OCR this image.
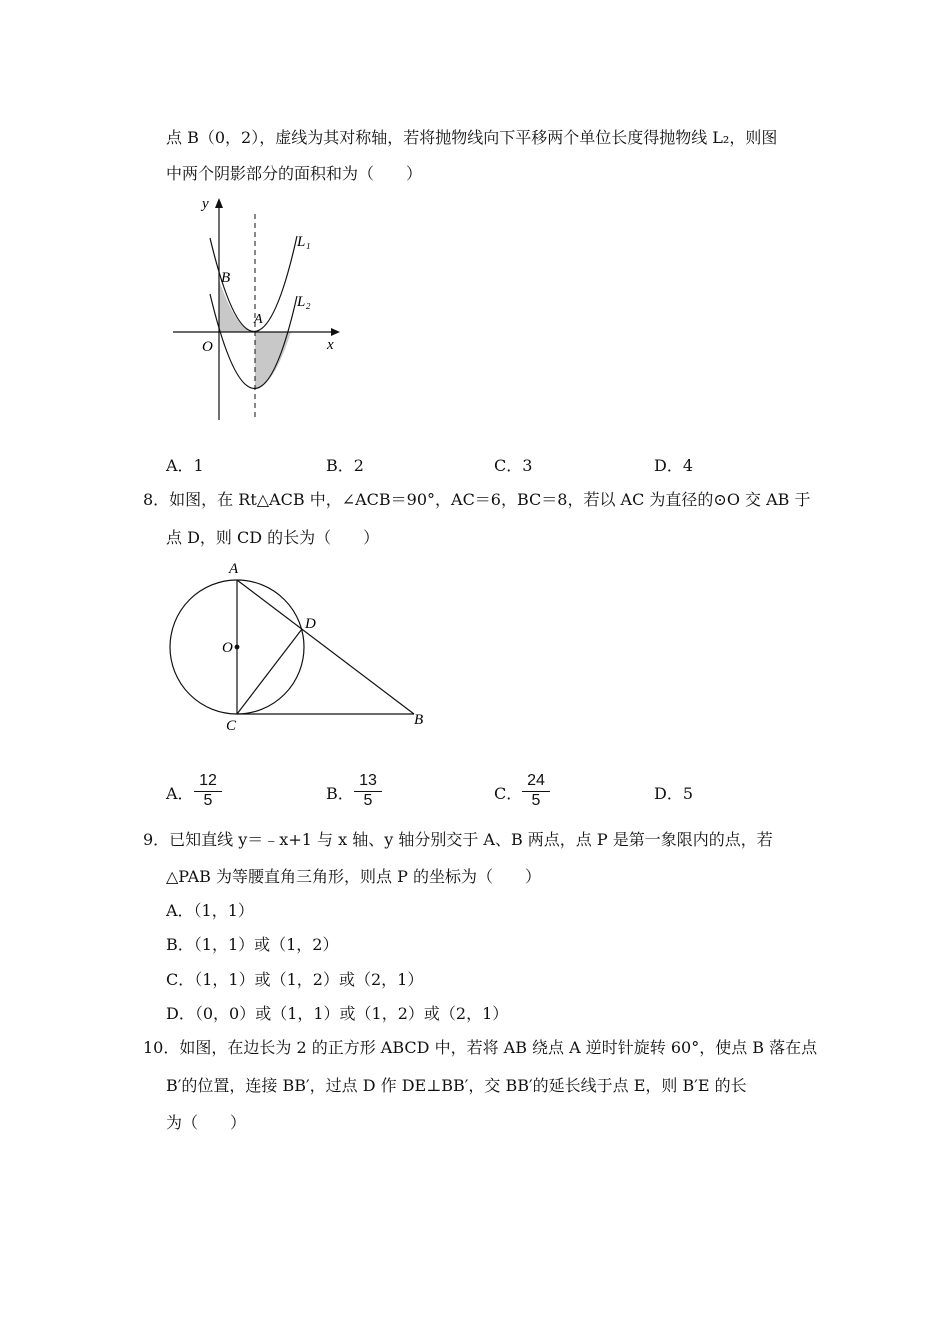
点 B（0，2），虚线为其对称轴，若将抛物线向下平移两个单位长度得抛物线 L₂，则图
中两个阴影部分的面积和为（　　）
y
x
O
A
B
L₁
L₂
A．1	B．2	C．3	D．4
8．如图，在 Rt△ACB 中，∠ACB＝90°，AC＝6，BC＝8，若以 AC 为直径的⊙O 交 AB 于
点 D，则 CD 的长为（　　）
A
D
O
C	B
A． $\frac{12}{5}$	B． $\frac{13}{5}$	C． $\frac{24}{5}$	D．5
9．已知直线 y＝﹣x+1 与 x 轴、y 轴分别交于 A、B 两点，点 P 是第一象限内的点，若
△PAB 为等腰直角三角形，则点 P 的坐标为（　　）
A．（1，1）
B．（1，1）或（1，2）
C．（1，1）或（1，2）或（2，1）
D．（0，0）或（1，1）或（1，2）或（2，1）
10．如图，在边长为 2 的正方形 ABCD 中，若将 AB 绕点 A 逆时针旋转 60°，使点 B 落在点
B′的位置，连接 BB′，过点 D 作 DE⊥BB′，交 BB′的延长线于点 E，则 B′E 的长
为（　　）
